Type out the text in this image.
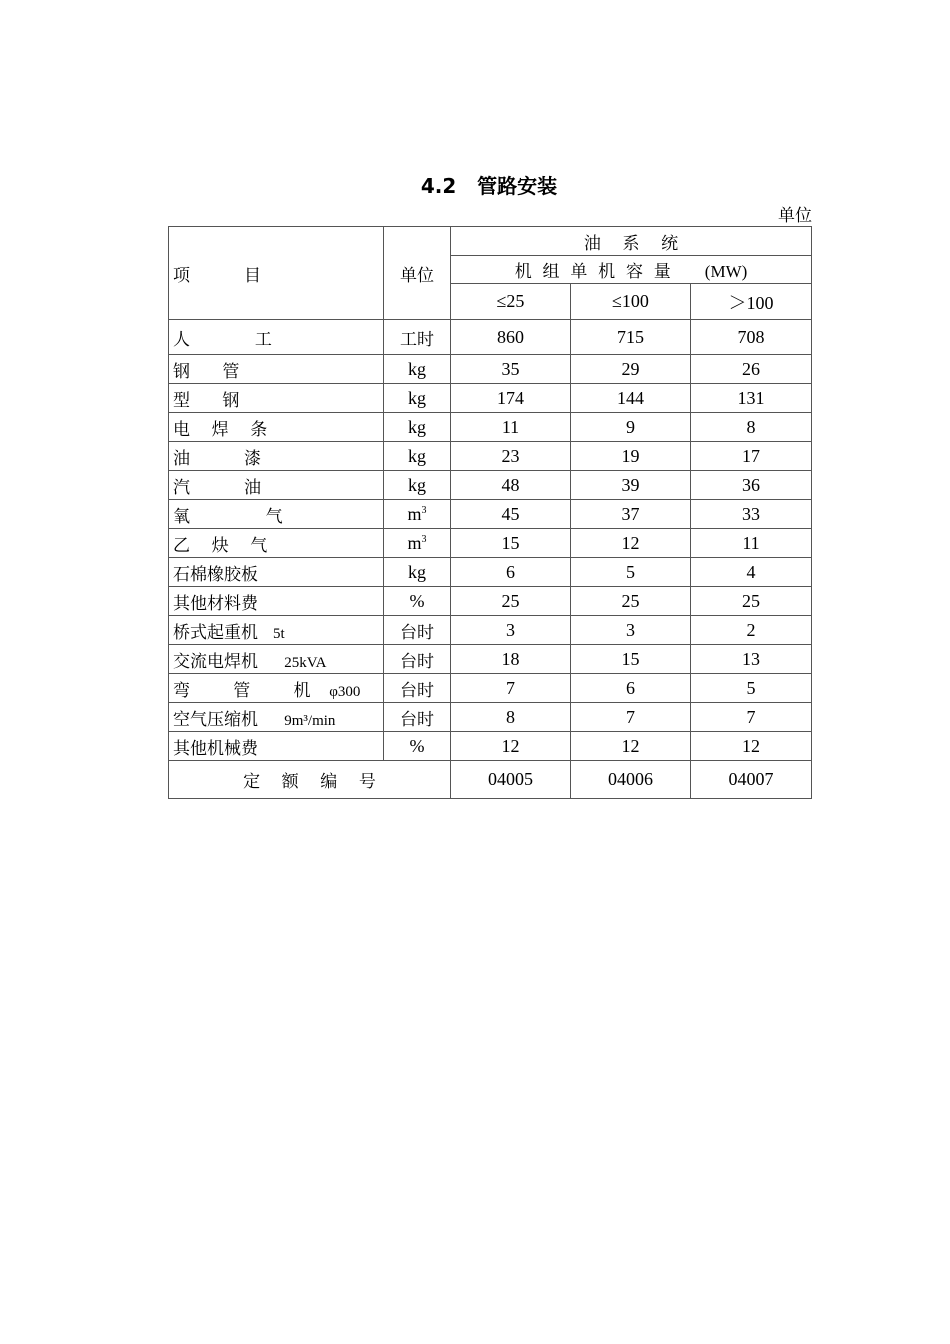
4.2   管路安装
单位
项          目	单位	油    系    统		
		机  组  单  机  容  量 (MW)		
		≤25	≤100	＞100
人            工	工时	860	715	708
钢      管	kg	35	29	26
型      钢	kg	174	144	131
电    焊    条	kg	11	9	8
油          漆	kg	23	19	17
汽          油	kg	48	39	36
氧              气	$m^3$	45	37	33
乙    炔    气	$m^3$	15	12	11
石棉橡胶板	kg	6	5	4
其他材料费	%	25	25	25
桥式起重机    5t	台时	3	3	2
交流电焊机       25kVA	台时	18	15	13
弯        管        机     φ300	台时	7	6	5
空气压缩机       9m³/min	台时	8	7	7
其他机械费	%	12	12	12
定    额    编    号		04005	04006	04007
